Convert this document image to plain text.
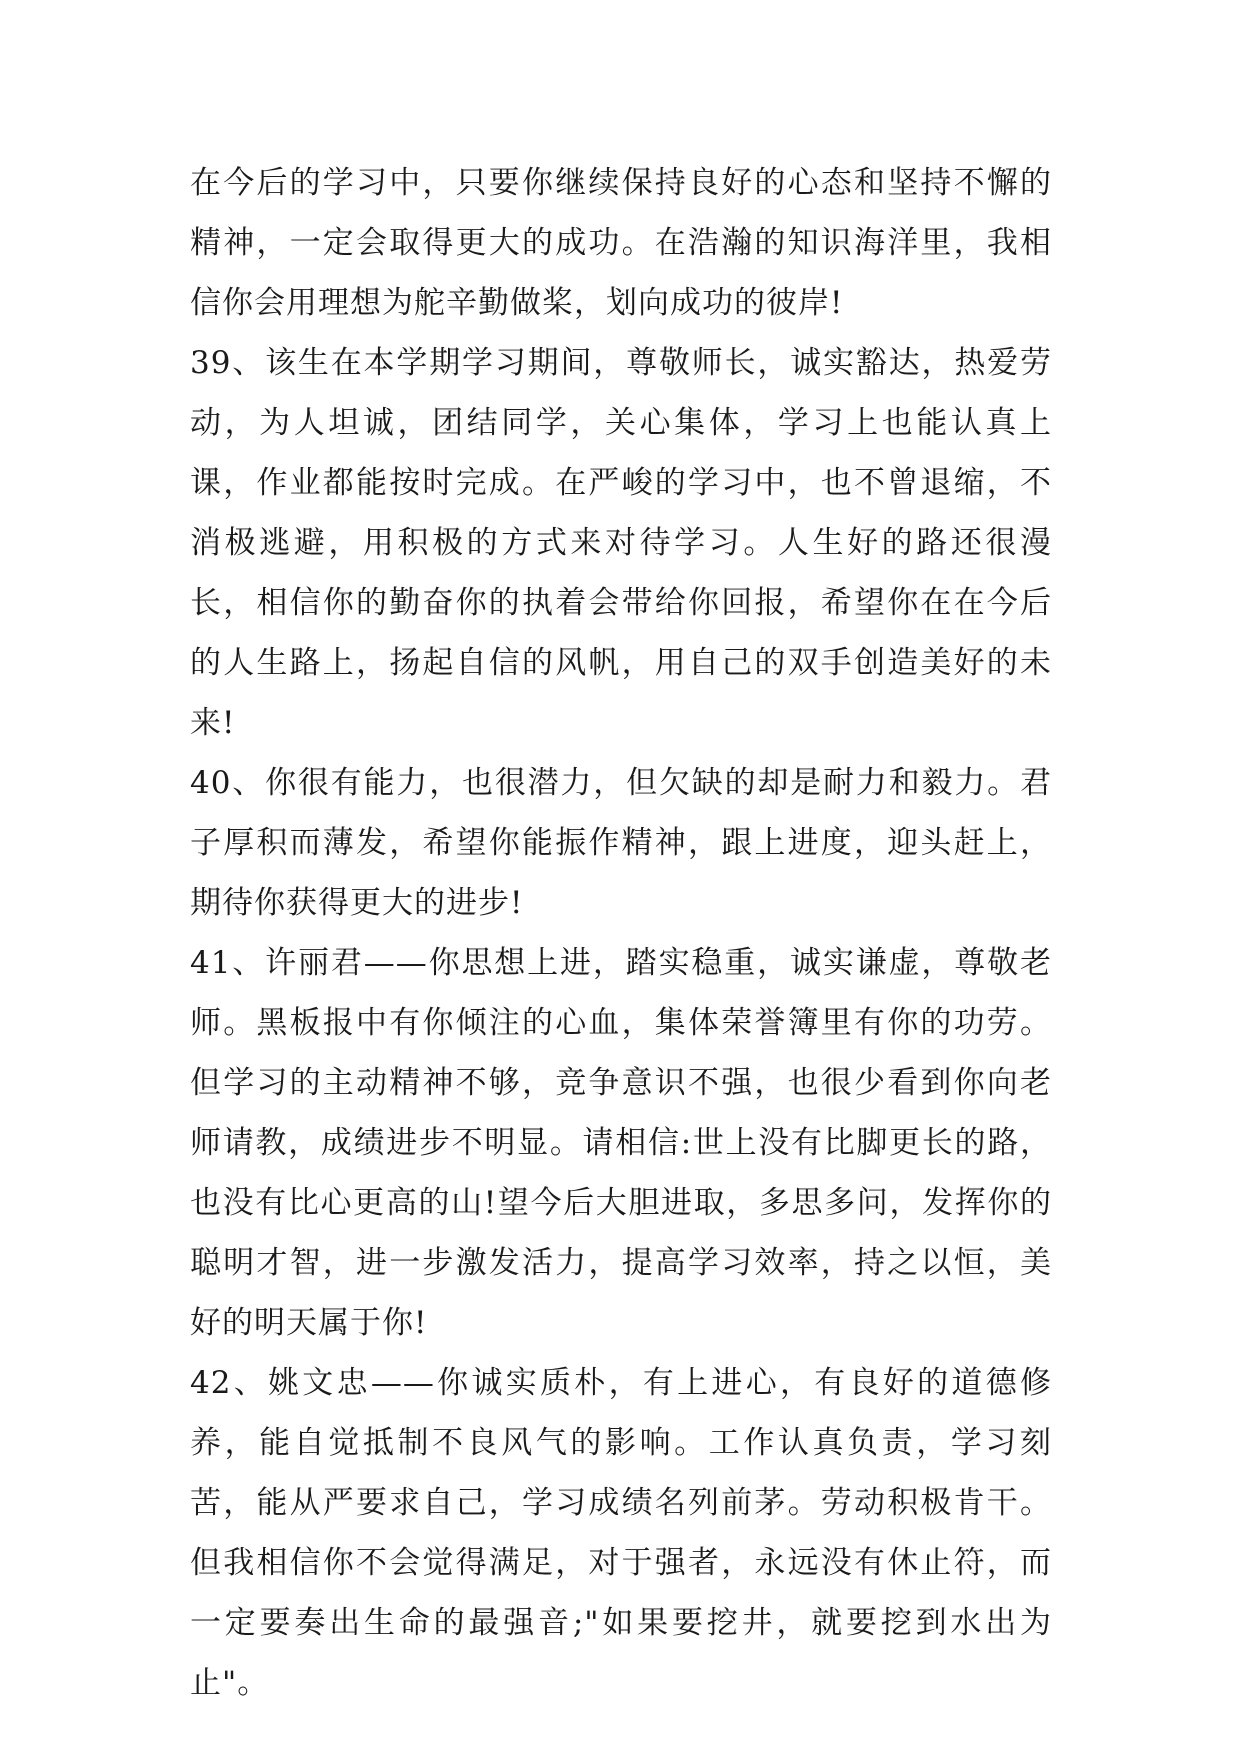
在今后的学习中，只要你继续保持良好的心态和坚持不懈的精神，一定会取得更大的成功。在浩瀚的知识海洋里，我相信你会用理想为舵辛勤做桨，划向成功的彼岸!

39、该生在本学期学习期间，尊敬师长，诚实豁达，热爱劳动，为人坦诚，团结同学，关心集体，学习上也能认真上课，作业都能按时完成。在严峻的学习中，也不曾退缩，不消极逃避，用积极的方式来对待学习。人生好的路还很漫长，相信你的勤奋你的执着会带给你回报，希望你在在今后的人生路上，扬起自信的风帆，用自己的双手创造美好的未来!

40、你很有能力，也很潜力，但欠缺的却是耐力和毅力。君子厚积而薄发，希望你能振作精神，跟上进度，迎头赶上，期待你获得更大的进步!

41、许丽君——你思想上进，踏实稳重，诚实谦虚，尊敬老师。黑板报中有你倾注的心血，集体荣誉簿里有你的功劳。但学习的主动精神不够，竞争意识不强，也很少看到你向老师请教，成绩进步不明显。请相信:世上没有比脚更长的路，也没有比心更高的山!望今后大胆进取，多思多问，发挥你的聪明才智，进一步激发活力，提高学习效率，持之以恒，美好的明天属于你!

42、姚文忠——你诚实质朴，有上进心，有良好的道德修养，能自觉抵制不良风气的影响。工作认真负责，学习刻苦，能从严要求自己，学习成绩名列前茅。劳动积极肯干。但我相信你不会觉得满足，对于强者，永远没有休止符，而一定要奏出生命的最强音;"如果要挖井，就要挖到水出为止"。
